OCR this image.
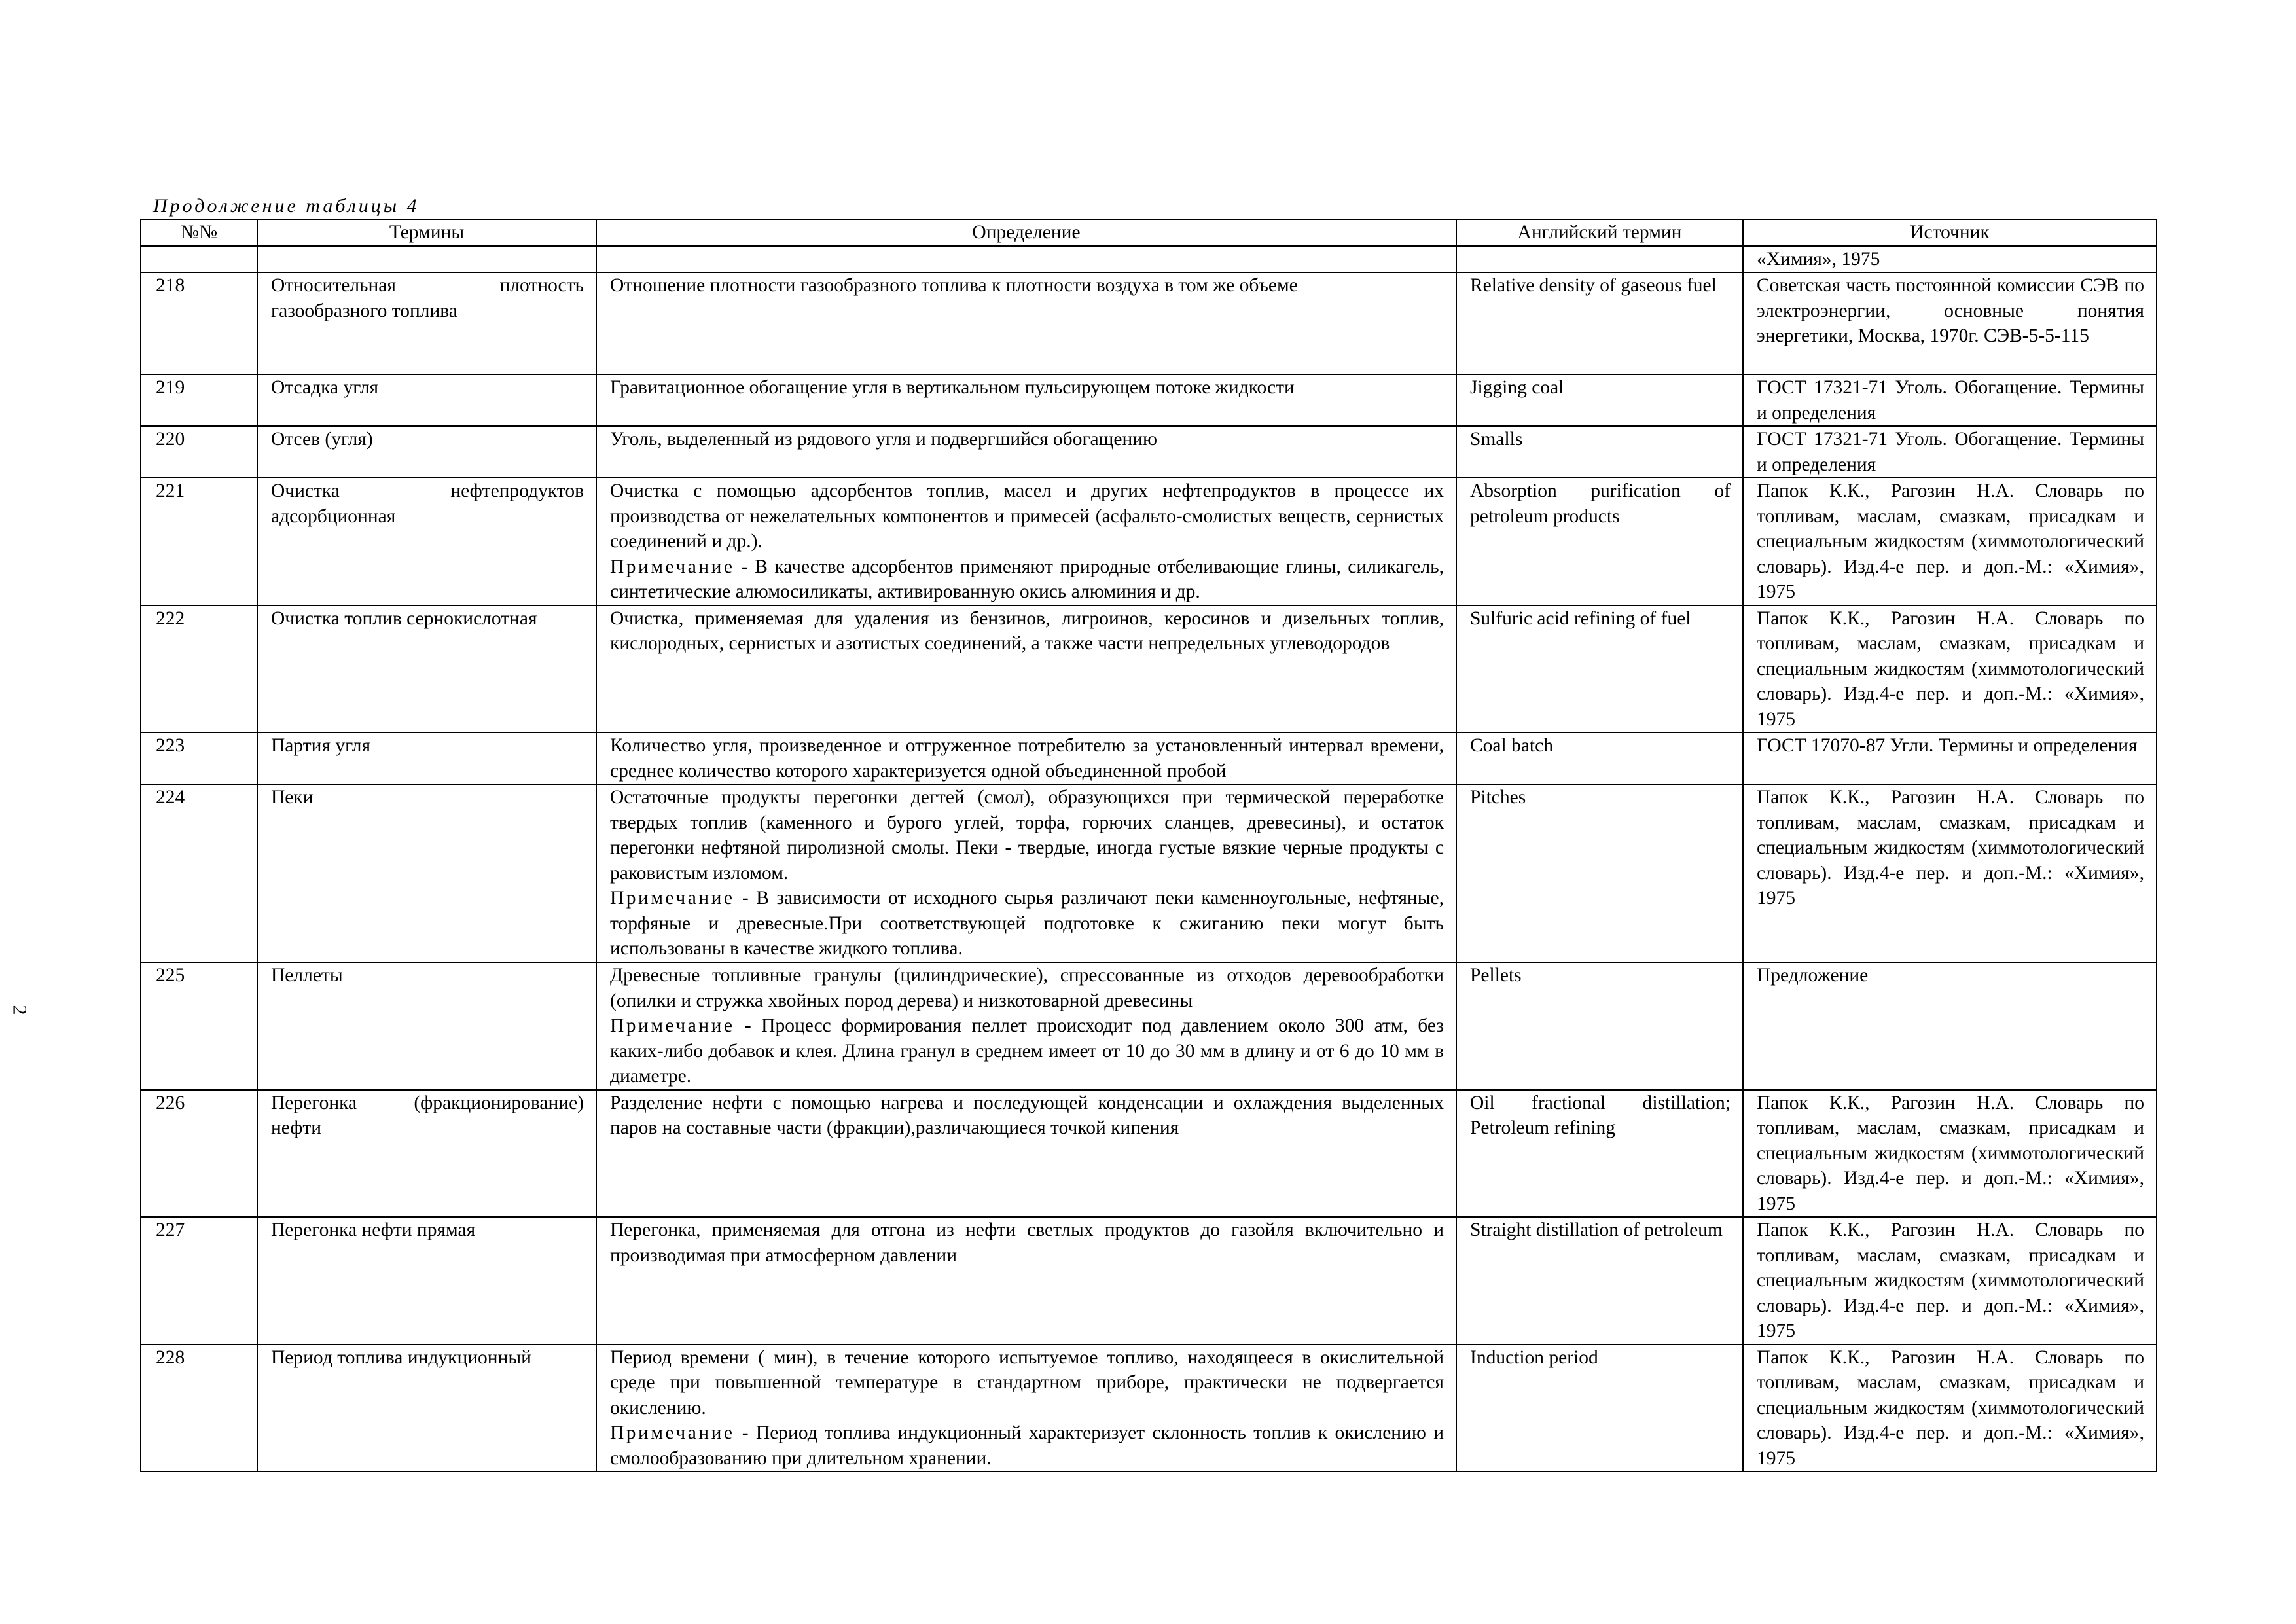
2
Продолжение таблицы 4
№№	Термины	Определение	Английский термин	Источник
				«Химия», 1975
218	Относительная плотность газообразного топлива	Отношение плотности газообразного топлива к плотности воздуха в том же объеме	Relative density of gaseous fuel	Советская часть постоянной комиссии СЭВ по электроэнергии, основные понятия энергетики, Москва, 1970г. СЭВ-5-5-115
219	Отсадка угля	Гравитационное обогащение угля в вертикальном пульсирующем потоке жидкости	Jigging coal	ГОСТ 17321-71 Уголь. Обогащение. Термины и определения
220	Отсев (угля)	Уголь, выделенный из рядового угля и подвергшийся обогащению	Smalls	ГОСТ 17321-71 Уголь. Обогащение. Термины и определения
221	Очистка нефтепродуктов адсорбционная	Очистка с помощью адсорбентов топлив, масел и других нефтепродуктов в процессе их производства от нежелательных компонентов и примесей (асфальто-смолистых веществ, сернистых соединений и др.).
Примечание - В качестве адсорбентов применяют природные отбеливающие глины, силикагель, синтетические алюмосиликаты, активированную окись алюминия и др.	Absorption purification of petroleum products	Папок К.К., Рагозин Н.А. Словарь по топливам, маслам, смазкам, присадкам и специальным жидкостям (химмотологический словарь). Изд.4-е пер. и доп.-М.: «Химия», 1975
222	Очистка топлив сернокислотная	Очистка, применяемая для удаления из бензинов, лигроинов, керосинов и дизельных топлив, кислородных, сернистых и азотистых соединений, а также части непредельных углеводородов	Sulfuric acid refining of fuel	Папок К.К., Рагозин Н.А. Словарь по топливам, маслам, смазкам, присадкам и специальным жидкостям (химмотологический словарь). Изд.4-е пер. и доп.-М.: «Химия», 1975
223	Партия угля	Количество угля, произведенное и отгруженное потребителю за установленный интервал времени, среднее количество которого характеризуется одной объединенной пробой	Coal batch	ГОСТ 17070-87 Угли. Термины и определения
224	Пеки	Остаточные продукты перегонки дегтей (смол), образующихся при термической переработке твердых топлив (каменного и бурого углей, торфа, горючих сланцев, древесины), и остаток перегонки нефтяной пиролизной смолы. Пеки - твердые, иногда густые вязкие черные продукты с раковистым изломом.
Примечание - В зависимости от исходного сырья различают пеки каменноугольные, нефтяные, торфяные и древесные.При соответствующей подготовке к сжиганию пеки могут быть использованы в качестве жидкого топлива.	Pitches	Папок К.К., Рагозин Н.А. Словарь по топливам, маслам, смазкам, присадкам и специальным жидкостям (химмотологический словарь). Изд.4-е пер. и доп.-М.: «Химия», 1975
225	Пеллеты	Древесные топливные гранулы (цилиндрические), спрессованные из отходов деревообработки (опилки и стружка хвойных пород дерева) и низкотоварной древесины
Примечание - Процесс формирования пеллет происходит под давлением около 300 атм, без каких-либо добавок и клея. Длина гранул в среднем имеет от 10 до 30 мм в длину и от 6 до 10 мм в диаметре.	Pellets	Предложение
226	Перегонка (фракционирование) нефти	Разделение нефти с помощью нагрева и последующей конденсации и охлаждения выделенных паров на составные части (фракции),различающиеся точкой кипения	Oil fractional distillation; Petroleum refining	Папок К.К., Рагозин Н.А. Словарь по топливам, маслам, смазкам, присадкам и специальным жидкостям (химмотологический словарь). Изд.4-е пер. и доп.-М.: «Химия», 1975
227	Перегонка нефти прямая	Перегонка, применяемая для отгона из нефти светлых продуктов до газойля включительно и производимая при атмосферном давлении	Straight distillation of petroleum	Папок К.К., Рагозин Н.А. Словарь по топливам, маслам, смазкам, присадкам и специальным жидкостям (химмотологический словарь). Изд.4-е пер. и доп.-М.: «Химия», 1975
228	Период топлива индукционный	Период времени ( мин), в течение которого испытуемое топливо, находящееся в окислительной среде при повышенной температуре в стандартном приборе, практически не подвергается окислению.
Примечание - Период топлива индукционный характеризует склонность топлив к окислению и смолообразованию при длительном хранении.	Induction period	Папок К.К., Рагозин Н.А. Словарь по топливам, маслам, смазкам, присадкам и специальным жидкостям (химмотологический словарь). Изд.4-е пер. и доп.-М.: «Химия», 1975
